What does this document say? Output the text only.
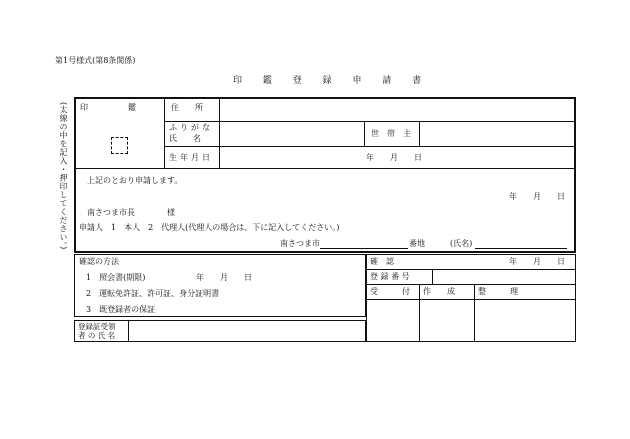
第1号様式(第8条関係)
印 鑑 登 録 申 請 書
(太線の中を記入・押印してください。) 印　　　　　鑑	住　　所
ふりがな
氏　　名
世　帯　主
生年月日	年　　月　　日
上記のとおり申請します。
年　　月　　日
南さつま市長　　　　様
申請人　1　本人　2　代理人(代理人の場合は、下に記入してください。)
南さつま市	番地	(氏名)
確認の方法
1　照会書(期限)	年　　月　　日
2　運転免許証、許可証、身分証明書
3　既登録者の保証
登録証受領
者 の 氏 名
確　認	年　　月　　日
登 録 番 号
受　　　付 作　　成	整　　　理
